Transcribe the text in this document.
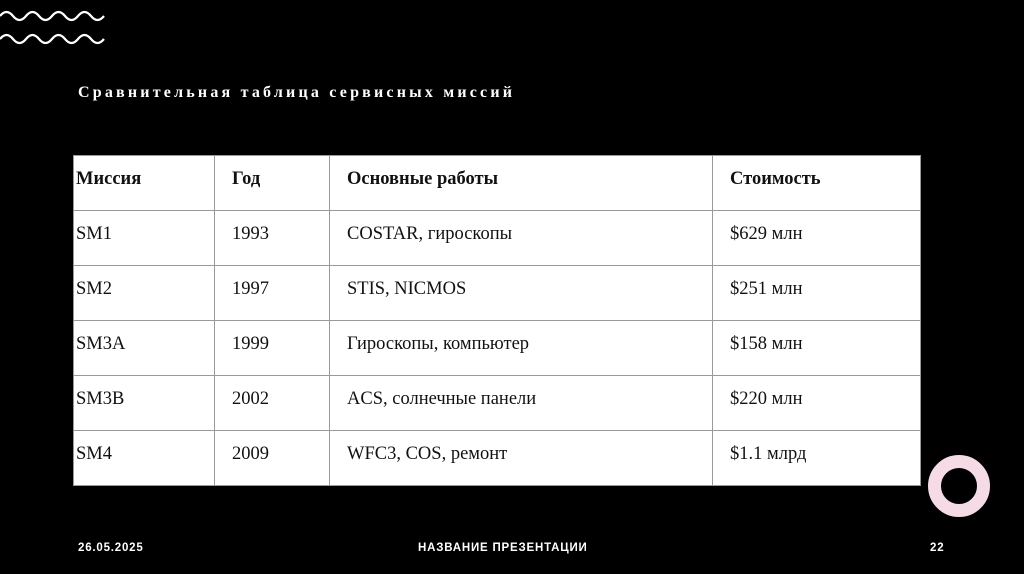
Сравнительная таблица сервисных миссий
Миссия	Год	Основные работы	Стоимость
SM1	1993	COSTAR, гироскопы	$629 млн
SM2	1997	STIS, NICMOS	$251 млн
SM3A	1999	Гироскопы, компьютер	$158 млн
SM3B	2002	ACS, солнечные панели	$220 млн
SM4	2009	WFC3, COS, ремонт	$1.1 млрд
26.05.2025	НАЗВАНИЕ ПРЕЗЕНТАЦИИ	22
